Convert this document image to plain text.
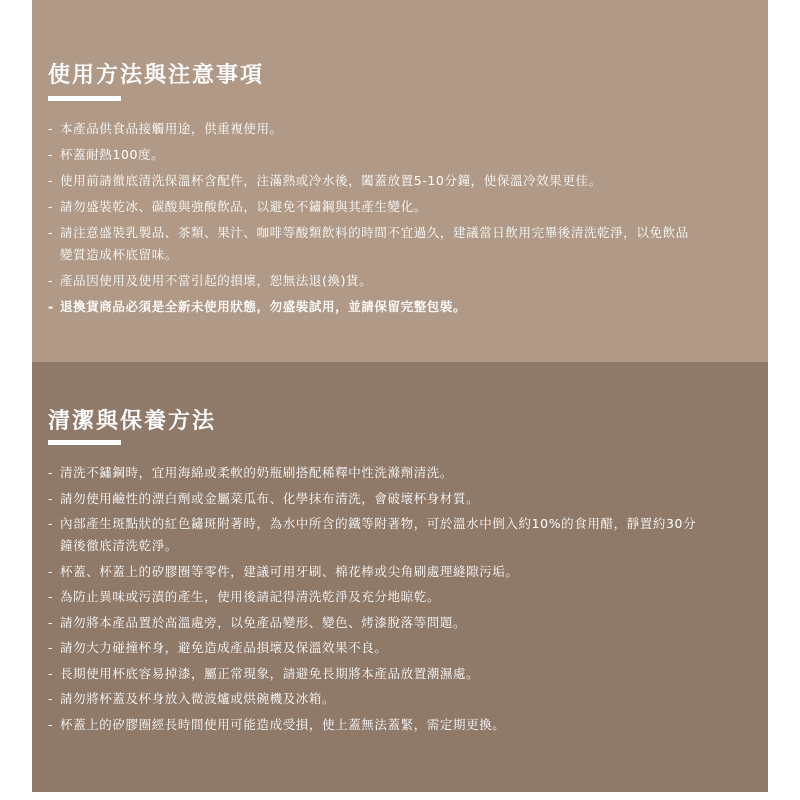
使用方法與注意事項
- 本產品供食品接觸用途，供重複使用。
- 杯蓋耐熱100度。
- 使用前請徹底清洗保溫杯含配件，注滿熱或冷水後，闔蓋放置5-10分鐘，使保溫冷效果更佳。
- 請勿盛裝乾冰、碳酸與強酸飲品，以避免不鏽鋼與其產生變化。
- 請注意盛裝乳製品、茶類、果汁、咖啡等酸類飲料的時間不宜過久，建議當日飲用完畢後清洗乾淨，以免飲品變質造成杯底留味。
- 產品因使用及使用不當引起的損壞，恕無法退(換)貨。
- 退換貨商品必須是全新未使用狀態，勿盛裝試用，並請保留完整包裝。
清潔與保養方法
- 清洗不鏽鋼時，宜用海綿或柔軟的奶瓶刷搭配稀釋中性洗滌劑清洗。
- 請勿使用鹼性的漂白劑或金屬菜瓜布、化學抹布清洗，會破壞杯身材質。
- 內部產生斑點狀的紅色鏽斑附著時，為水中所含的鐵等附著物，可於溫水中倒入約10%的食用醋，靜置約30分鐘後徹底清洗乾淨。
- 杯蓋、杯蓋上的矽膠圈等零件，建議可用牙刷、棉花棒或尖角刷處理縫隙污垢。
- 為防止異味或污漬的產生，使用後請記得清洗乾淨及充分地晾乾。
- 請勿將本產品置於高溫處旁，以免產品變形、變色、烤漆脫落等問題。
- 請勿大力碰撞杯身，避免造成產品損壞及保溫效果不良。
- 長期使用杯底容易掉漆，屬正常現象，請避免長期將本產品放置潮濕處。
- 請勿將杯蓋及杯身放入微波爐或烘碗機及冰箱。
- 杯蓋上的矽膠圈經長時間使用可能造成受損，使上蓋無法蓋緊，需定期更換。
